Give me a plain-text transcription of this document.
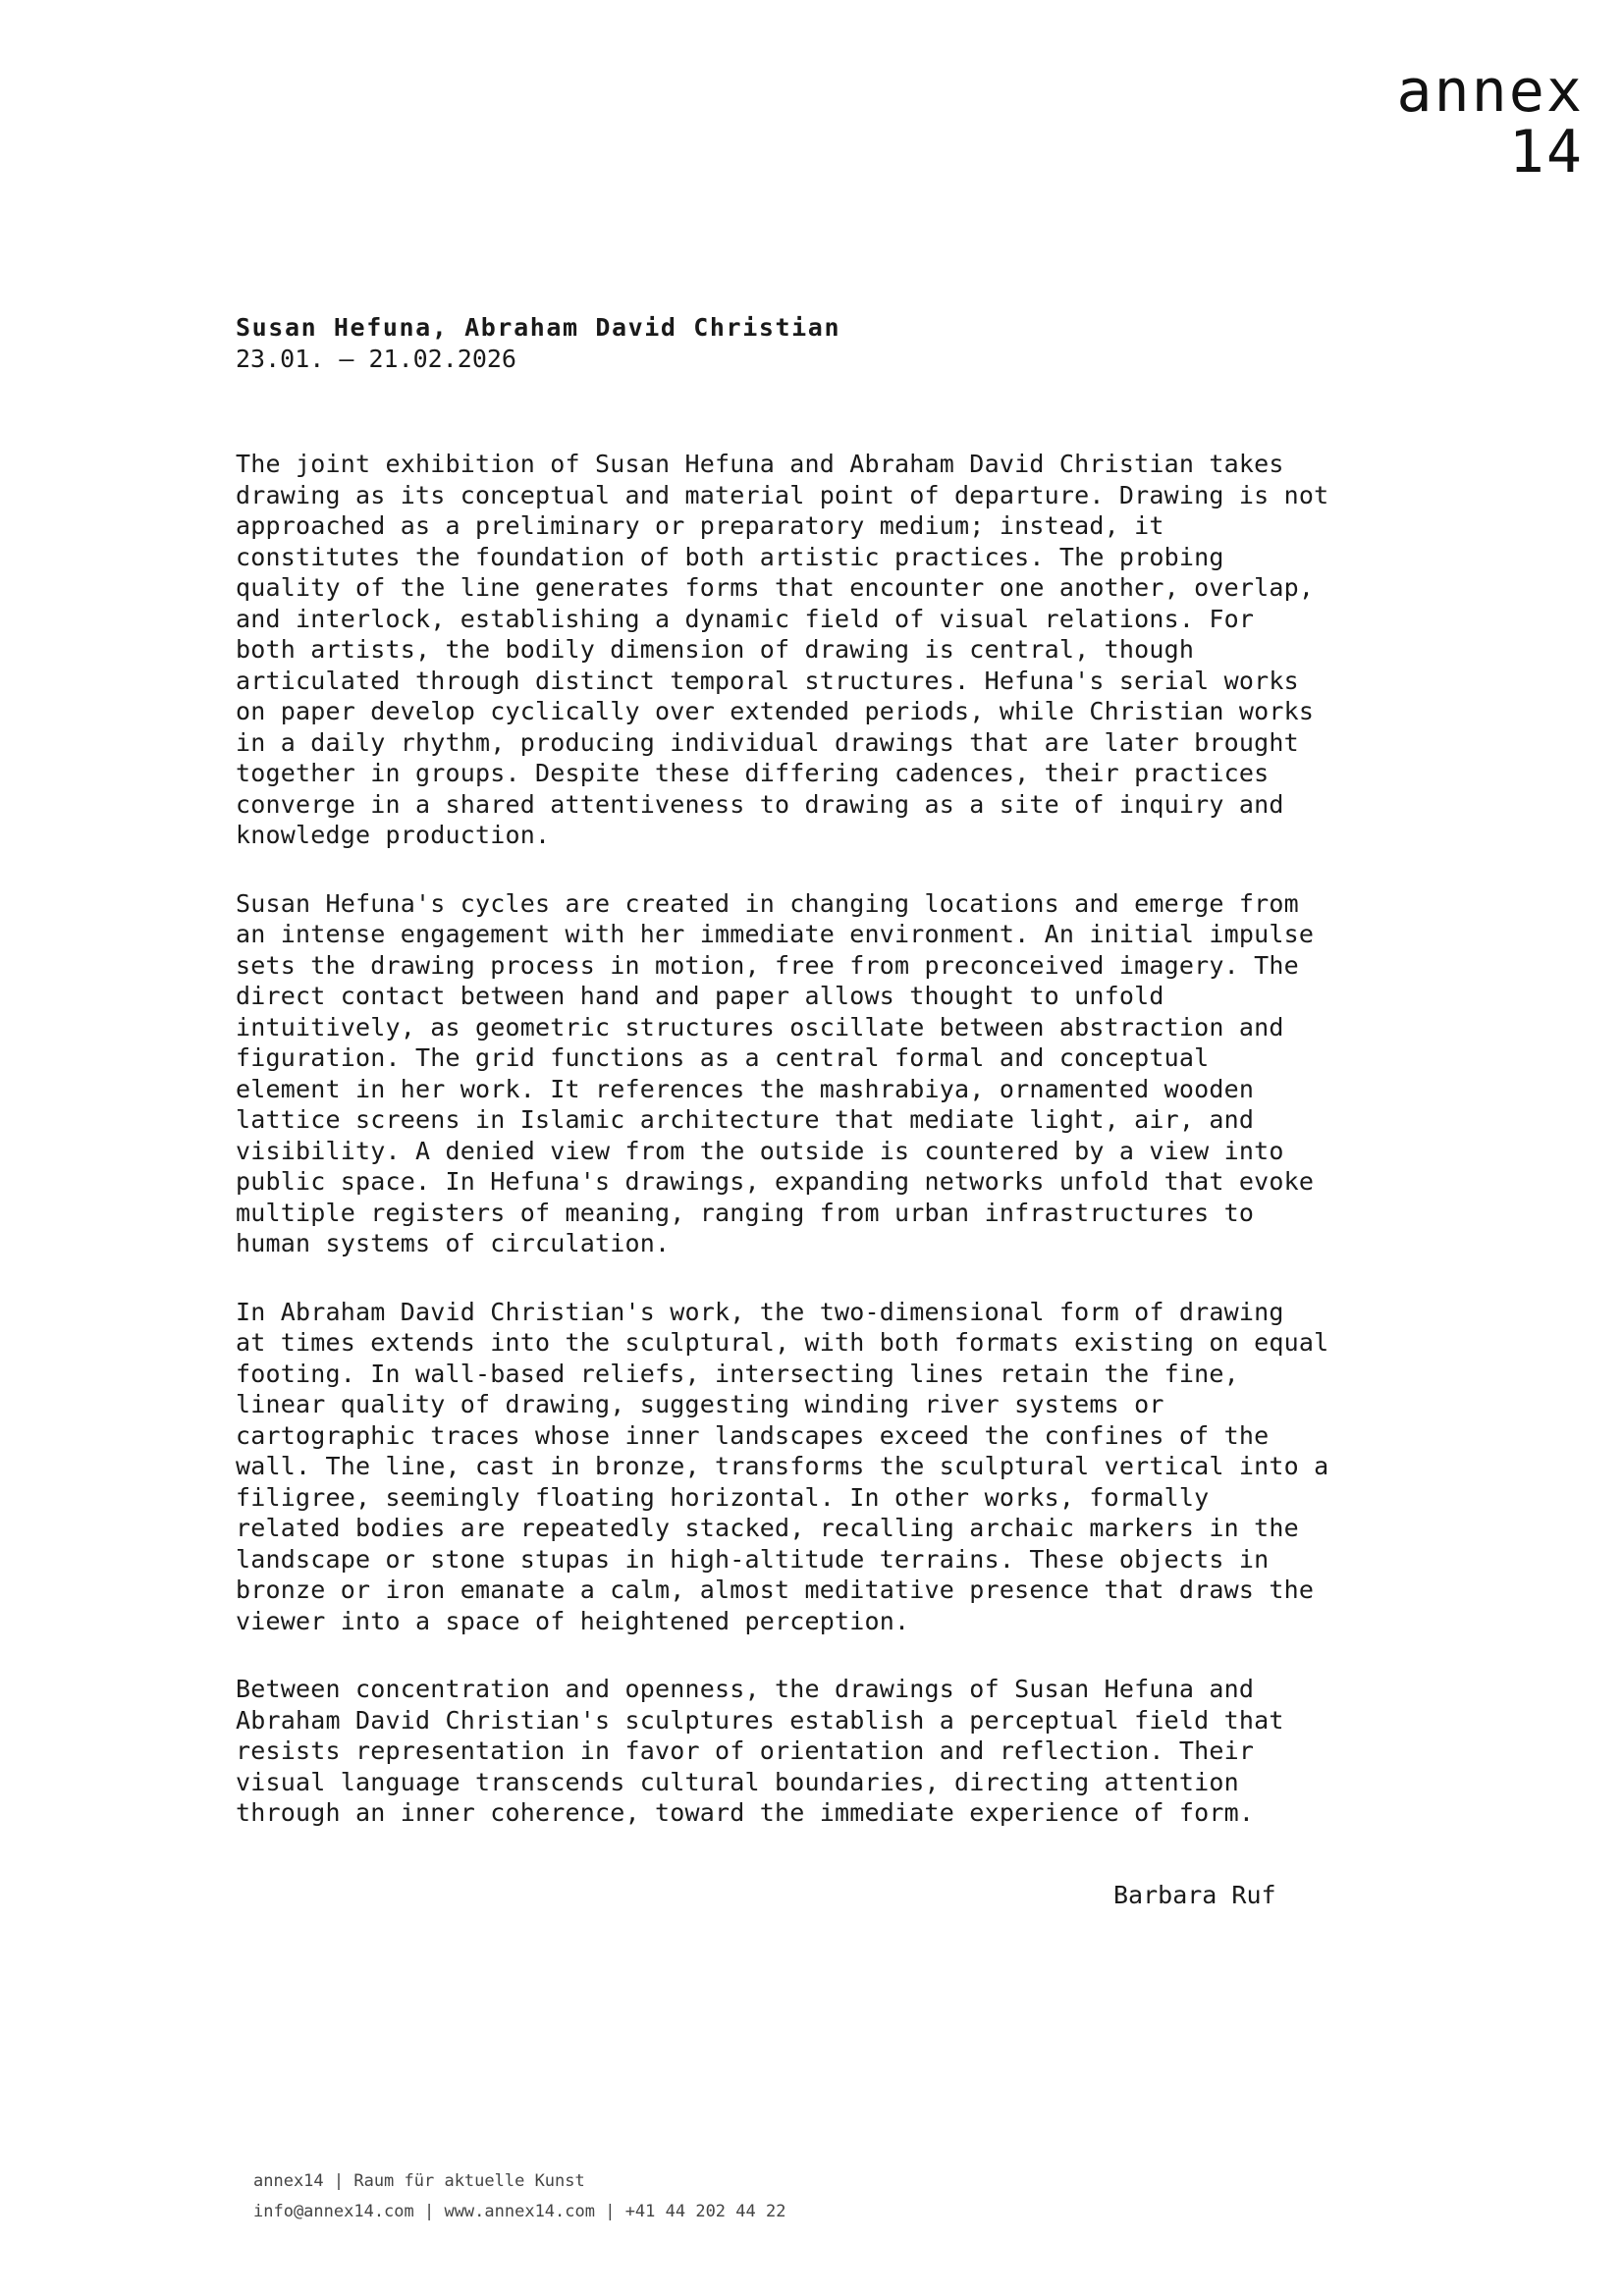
annex
14
Susan Hefuna, Abraham David Christian
23.01. – 21.02.2026
The joint exhibition of Susan Hefuna and Abraham David Christian takes
drawing as its conceptual and material point of departure. Drawing is not
approached as a preliminary or preparatory medium; instead, it
constitutes the foundation of both artistic practices. The probing
quality of the line generates forms that encounter one another, overlap,
and interlock, establishing a dynamic field of visual relations. For
both artists, the bodily dimension of drawing is central, though
articulated through distinct temporal structures. Hefuna's serial works
on paper develop cyclically over extended periods, while Christian works
in a daily rhythm, producing individual drawings that are later brought
together in groups. Despite these differing cadences, their practices
converge in a shared attentiveness to drawing as a site of inquiry and
knowledge production.
Susan Hefuna's cycles are created in changing locations and emerge from
an intense engagement with her immediate environment. An initial impulse
sets the drawing process in motion, free from preconceived imagery. The
direct contact between hand and paper allows thought to unfold
intuitively, as geometric structures oscillate between abstraction and
figuration. The grid functions as a central formal and conceptual
element in her work. It references the mashrabiya, ornamented wooden
lattice screens in Islamic architecture that mediate light, air, and
visibility. A denied view from the outside is countered by a view into
public space. In Hefuna's drawings, expanding networks unfold that evoke
multiple registers of meaning, ranging from urban infrastructures to
human systems of circulation.
In Abraham David Christian's work, the two-dimensional form of drawing
at times extends into the sculptural, with both formats existing on equal
footing. In wall-based reliefs, intersecting lines retain the fine,
linear quality of drawing, suggesting winding river systems or
cartographic traces whose inner landscapes exceed the confines of the
wall. The line, cast in bronze, transforms the sculptural vertical into a
filigree, seemingly floating horizontal. In other works, formally
related bodies are repeatedly stacked, recalling archaic markers in the
landscape or stone stupas in high-altitude terrains. These objects in
bronze or iron emanate a calm, almost meditative presence that draws the
viewer into a space of heightened perception.
Between concentration and openness, the drawings of Susan Hefuna and
Abraham David Christian's sculptures establish a perceptual field that
resists representation in favor of orientation and reflection. Their
visual language transcends cultural boundaries, directing attention
through an inner coherence, toward the immediate experience of form.
Barbara Ruf
annex14 | Raum für aktuelle Kunst
info@annex14.com | www.annex14.com | +41 44 202 44 22
